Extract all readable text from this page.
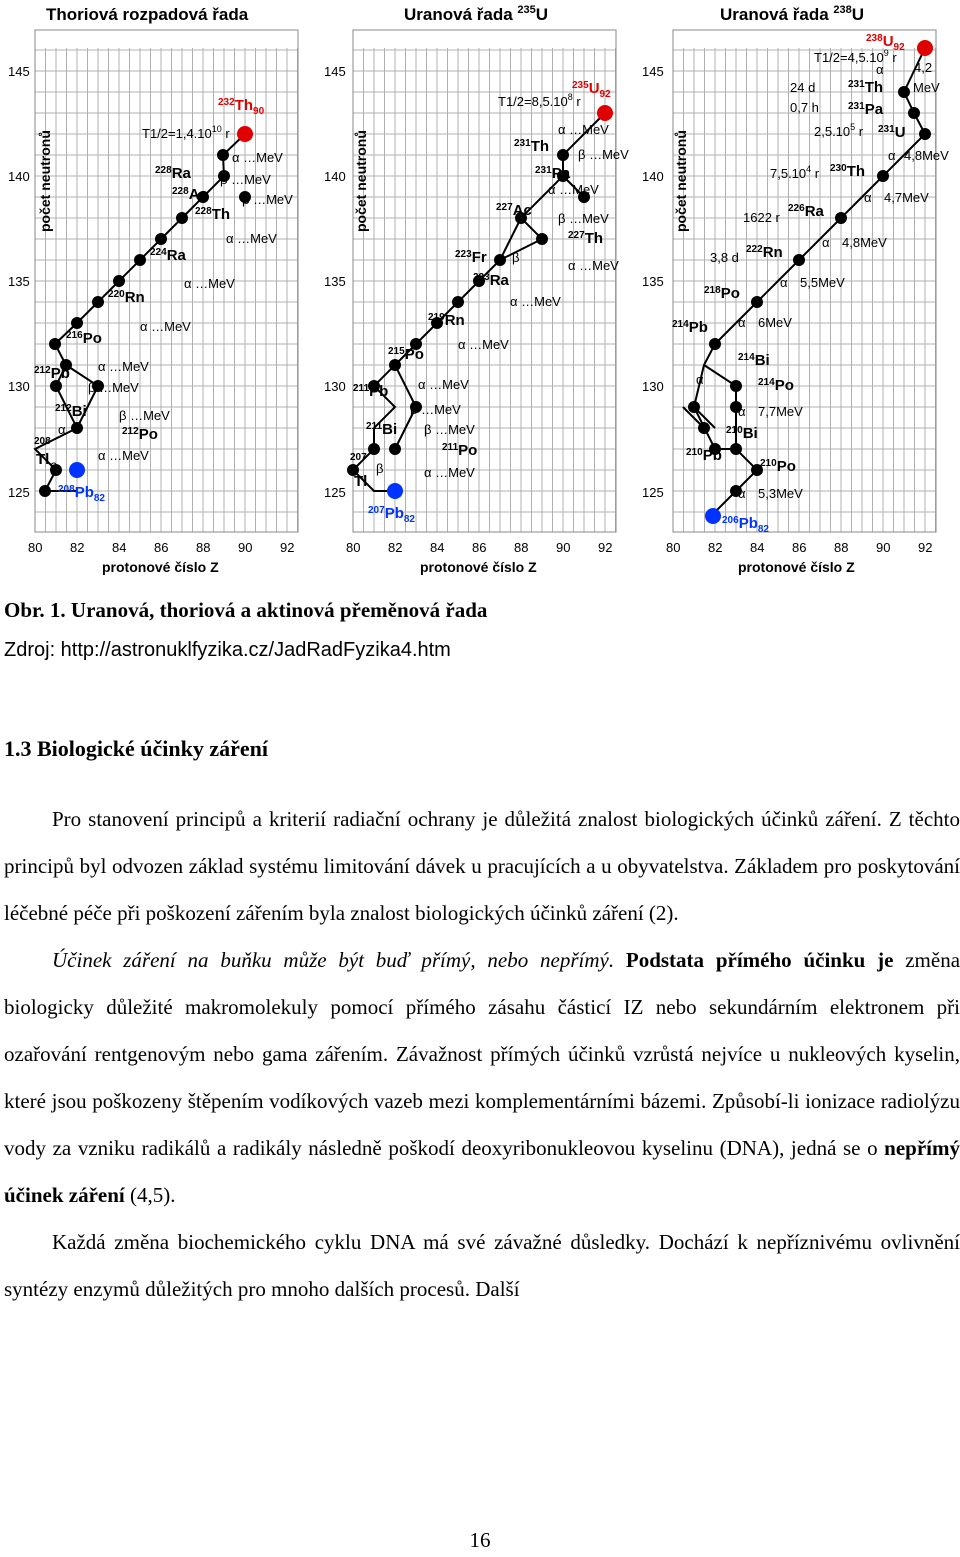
Thoriová rozpadová řada
145
140
135
130
125
počet neutronů
80 82 84 86 88 90 92
protonové číslo Z
$^{232}Th_{90}$
$^{228}$Ra
$^{228}$Ac
$^{228}$Th
$^{224}$Ra
$^{220}$Rn
$^{216}$Po
$^{212}$Pb
$^{212}$Bi
$^{212}$Po
208
Tl
$^{208}Pb_{82}$
$T1/2=1,4.10^{10}$ r
α …MeV
β …MeV
β …MeV
α …MeV
α …MeV
α …MeV
α …MeV
β …MeV
β …MeV
α
α …MeV
β
Uranová řada $^{235}$U
145
140
135
130
125
počet neutronů
80 82 84 86 88 90 92
protonové číslo Z
$^{235}U_{92}$
$^{231}$Th
$^{231}$Pa
$^{227}$Ac
$^{227}$Th
$^{223}$Fr
$^{223}$Ra
$^{219}$Rn
$^{215}$Po
$^{211}$Pb
$^{211}$Bi
$^{211}$Po
207
Tl
$^{207}Pb_{82}$
$T1/2=8,5.10^8$ r
α …MeV
β …MeV
α …MeV
β …MeV
β
α …MeV
α …MeV
α …MeV
α …MeV
β …MeV
β …MeV
β	α …MeV
Uranová řada $^{238}$U
145
140
135
130
125
počet neutronů
80 82 84 86 88 90 92
protonové číslo Z
$^{238}U_{92}$
$^{231}$Th
$^{231}$Pa
$^{231}$U
$^{230}$Th
$^{226}$Ra
$^{222}$Rn
$^{218}$Po
$^{214}$Pb
$^{214}$Bi
$^{214}$Po
$^{210}$Bi
$^{210}$Pb	$^{210}$Po
$^{206}Pb_{82}$
$T1/2=4,5.10^9$ r
α 4,2
MeV
24 d
0,7 h
2,5.10$^5$ r
α 4,8MeV
7,5.10$^4$ r
α 4,7MeV
1622 r
α 4,8MeV
3,8 d
α 5,5MeV
α 6MeV
α
α 7,7MeV
α 5,3MeV
Obr. 1. Uranová, thoriová a aktinová přeměnová řada
Zdroj: http://astronuklfyzika.cz/JadRadFyzika4.htm
1.3 Biologické účinky záření

Pro stanovení principů a kriterií radiační ochrany je důležitá znalost biologických účinků záření. Z těchto principů byl odvozen základ systému limitování dávek u pracujících a u obyvatelstva. Základem pro poskytování léčebné péče při poškození zářením byla znalost biologických účinků záření (2).

Účinek záření na buňku může být buď přímý, nebo nepřímý. Podstata přímého účinku je změna biologicky důležité makromolekuly pomocí přímého zásahu částicí IZ nebo sekundárním elektronem při ozařování rentgenovým nebo gama zářením. Závažnost přímých účinků vzrůstá nejvíce u nukleových kyselin, které jsou poškozeny štěpením vodíkových vazeb mezi komplementárními bázemi. Způsobí-li ionizace radiolýzu vody za vzniku radikálů a radikály následně poškodí deoxyribonukleovou kyselinu (DNA), jedná se o nepřímý účinek záření (4,5).

Každá změna biochemického cyklu DNA má své závažné důsledky. Dochází k nepříznivému ovlivnění syntézy enzymů důležitých pro mnoho dalších procesů. Další

16
